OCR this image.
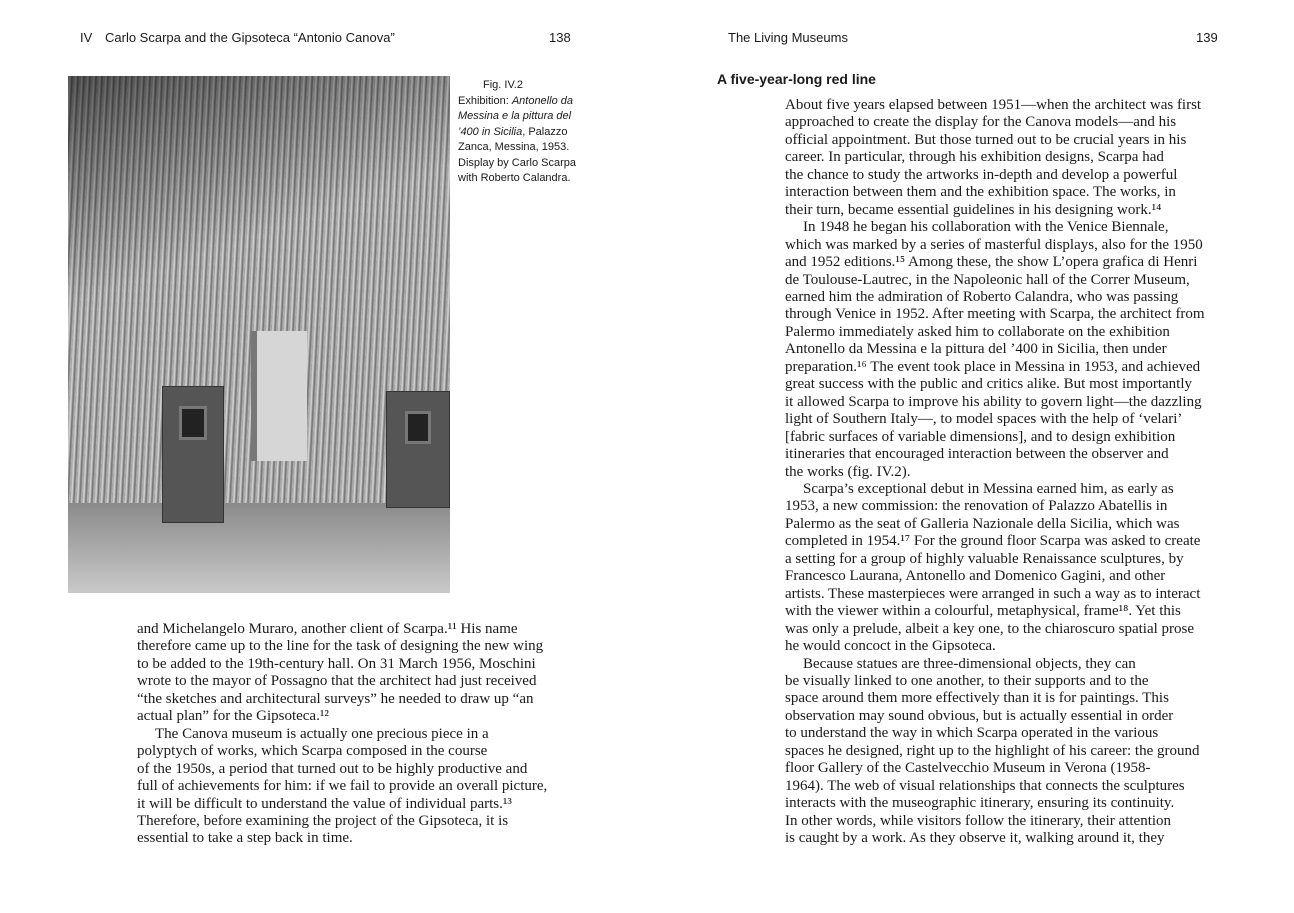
IV Carlo Scarpa and the Gipsoteca “Antonio Canova”	138	The Living Museums	139
Fig. IV.2
Exhibition: Antonello da Messina e la pittura del ’400 in Sicilia, Palazzo Zanca, Messina, 1953. Display by Carlo Scarpa with Roberto Calandra.
and Michelangelo Muraro, another client of Scarpa.¹¹ His name
therefore came up to the line for the task of designing the new wing
to be added to the 19th-century hall. On 31 March 1956, Moschini
wrote to the mayor of Possagno that the architect had just received
“the sketches and architectural surveys” he needed to draw up “an
actual plan” for the Gipsoteca.¹²
The Canova museum is actually one precious piece in a
polyptych of works, which Scarpa composed in the course
of the 1950s, a period that turned out to be highly productive and
full of achievements for him: if we fail to provide an overall picture,
it will be difficult to understand the value of individual parts.¹³
Therefore, before examining the project of the Gipsoteca, it is
essential to take a step back in time.
A five-year-long red line
About five years elapsed between 1951—when the architect was first
approached to create the display for the Canova models—and his
official appointment. But those turned out to be crucial years in his
career. In particular, through his exhibition designs, Scarpa had
the chance to study the artworks in-depth and develop a powerful
interaction between them and the exhibition space. The works, in
their turn, became essential guidelines in his designing work.¹⁴
In 1948 he began his collaboration with the Venice Biennale,
which was marked by a series of masterful displays, also for the 1950
and 1952 editions.¹⁵ Among these, the show L’opera grafica di Henri
de Toulouse-Lautrec, in the Napoleonic hall of the Correr Museum,
earned him the admiration of Roberto Calandra, who was passing
through Venice in 1952. After meeting with Scarpa, the architect from
Palermo immediately asked him to collaborate on the exhibition
Antonello da Messina e la pittura del ’400 in Sicilia, then under
preparation.¹⁶ The event took place in Messina in 1953, and achieved
great success with the public and critics alike. But most importantly
it allowed Scarpa to improve his ability to govern light—the dazzling
light of Southern Italy—, to model spaces with the help of ‘velari’
[fabric surfaces of variable dimensions], and to design exhibition
itineraries that encouraged interaction between the observer and
the works (fig. IV.2).
Scarpa’s exceptional debut in Messina earned him, as early as
1953, a new commission: the renovation of Palazzo Abatellis in
Palermo as the seat of Galleria Nazionale della Sicilia, which was
completed in 1954.¹⁷ For the ground floor Scarpa was asked to create
a setting for a group of highly valuable Renaissance sculptures, by
Francesco Laurana, Antonello and Domenico Gagini, and other
artists. These masterpieces were arranged in such a way as to interact
with the viewer within a colourful, metaphysical, frame¹⁸. Yet this
was only a prelude, albeit a key one, to the chiaroscuro spatial prose
he would concoct in the Gipsoteca.
Because statues are three-dimensional objects, they can
be visually linked to one another, to their supports and to the
space around them more effectively than it is for paintings. This
observation may sound obvious, but is actually essential in order
to understand the way in which Scarpa operated in the various
spaces he designed, right up to the highlight of his career: the ground
floor Gallery of the Castelvecchio Museum in Verona (1958-
1964). The web of visual relationships that connects the sculptures
interacts with the museographic itinerary, ensuring its continuity.
In other words, while visitors follow the itinerary, their attention
is caught by a work. As they observe it, walking around it, they
